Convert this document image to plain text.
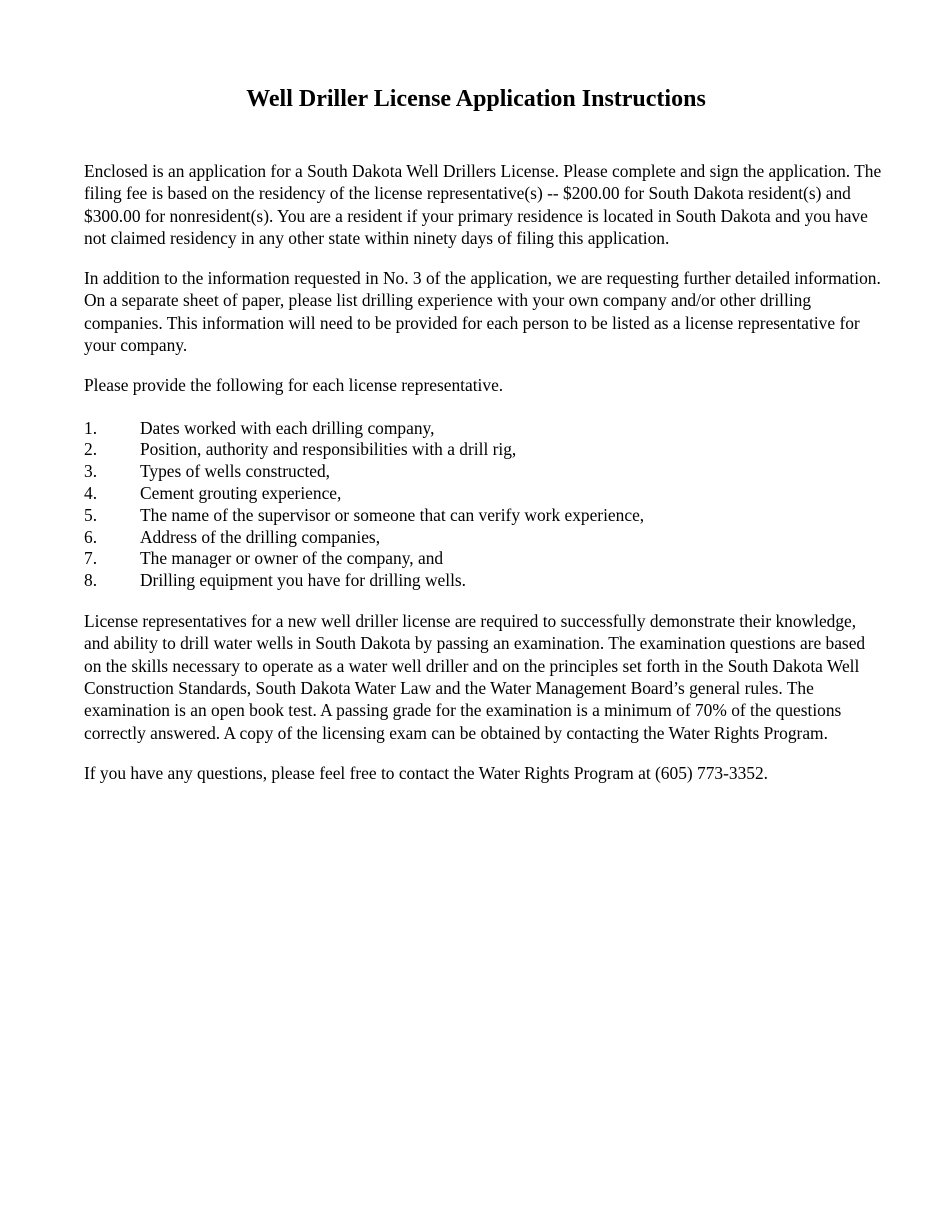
Well Driller License Application Instructions

Enclosed is an application for a South Dakota Well Drillers License. Please complete and sign the application. The filing fee is based on the residency of the license representative(s) -- $200.00 for South Dakota resident(s) and $300.00 for nonresident(s). You are a resident if your primary residence is located in South Dakota and you have not claimed residency in any other state within ninety days of filing this application.

In addition to the information requested in No. 3 of the application, we are requesting further detailed information. On a separate sheet of paper, please list drilling experience with your own company and/or other drilling companies. This information will need to be provided for each person to be listed as a license representative for your company.

Please provide the following for each license representative.

1.	Dates worked with each drilling company,
2.	Position, authority and responsibilities with a drill rig,
3.	Types of wells constructed,
4.	Cement grouting experience,
5.	The name of the supervisor or someone that can verify work experience,
6.	Address of the drilling companies,
7.	The manager or owner of the company, and
8.	Drilling equipment you have for drilling wells.

License representatives for a new well driller license are required to successfully demonstrate their knowledge, and ability to drill water wells in South Dakota by passing an examination. The examination questions are based on the skills necessary to operate as a water well driller and on the principles set forth in the South Dakota Well Construction Standards, South Dakota Water Law and the Water Management Board’s general rules. The examination is an open book test. A passing grade for the examination is a minimum of 70% of the questions correctly answered. A copy of the licensing exam can be obtained by contacting the Water Rights Program.

If you have any questions, please feel free to contact the Water Rights Program at (605) 773-3352.
